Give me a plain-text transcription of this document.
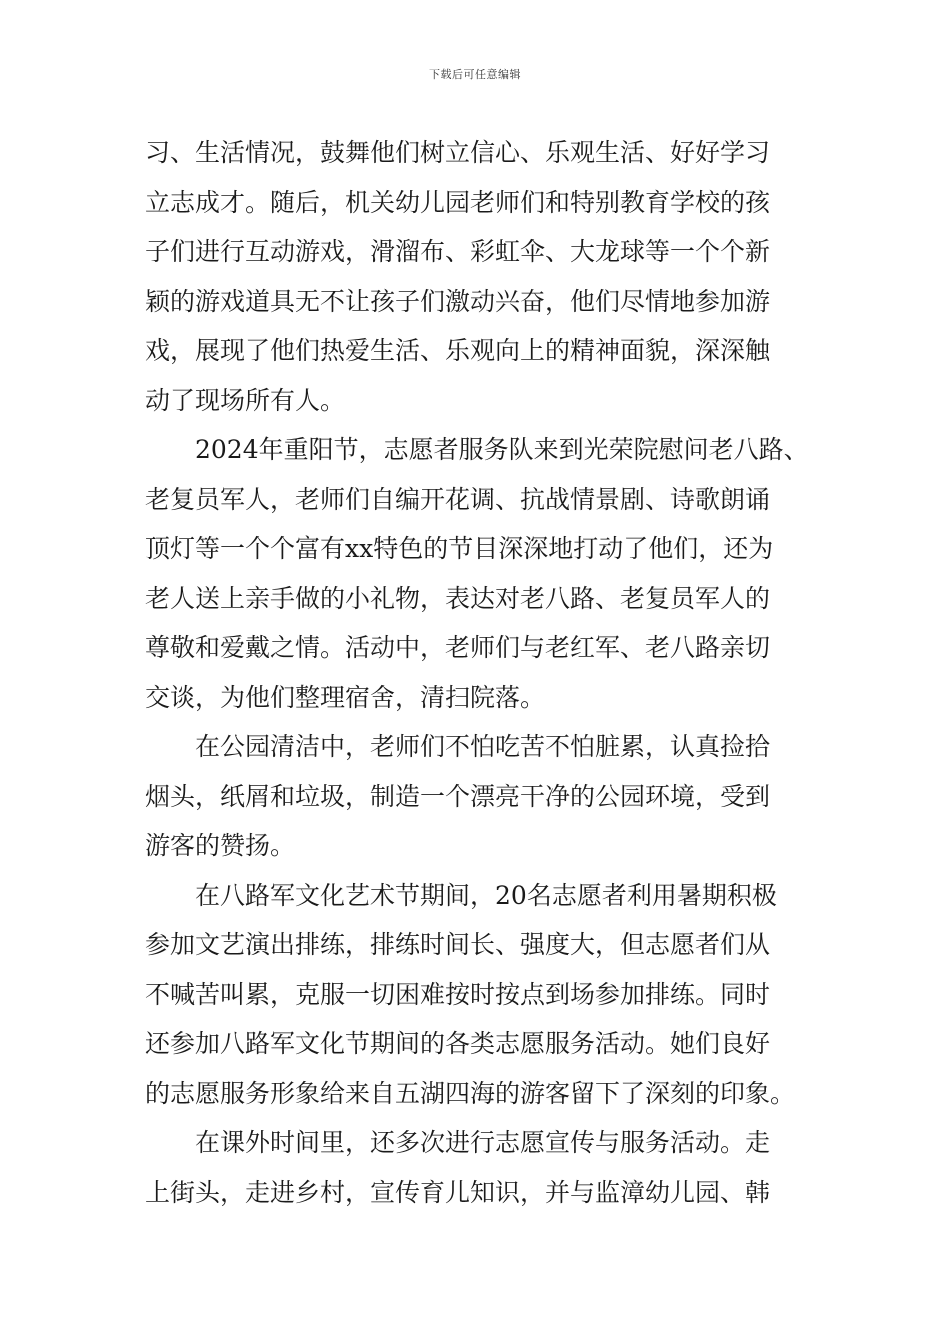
下载后可任意编辑

习、生活情况，鼓舞他们树立信心、乐观生活、好好学习
立志成才。随后，机关幼儿园老师们和特别教育学校的孩
子们进行互动游戏，滑溜布、彩虹伞、大龙球等一个个新
颖的游戏道具无不让孩子们激动兴奋，他们尽情地参加游
戏，展现了他们热爱生活、乐观向上的精神面貌，深深触
动了现场所有人。

2024年重阳节，志愿者服务队来到光荣院慰问老八路、
老复员军人，老师们自编开花调、抗战情景剧、诗歌朗诵
顶灯等一个个富有xx特色的节目深深地打动了他们，还为
老人送上亲手做的小礼物，表达对老八路、老复员军人的
尊敬和爱戴之情。活动中，老师们与老红军、老八路亲切
交谈，为他们整理宿舍，清扫院落。

在公园清洁中，老师们不怕吃苦不怕脏累，认真捡拾
烟头，纸屑和垃圾，制造一个漂亮干净的公园环境，受到
游客的赞扬。

在八路军文化艺术节期间，20名志愿者利用暑期积极
参加文艺演出排练，排练时间长、强度大，但志愿者们从
不喊苦叫累，克服一切困难按时按点到场参加排练。同时
还参加八路军文化节期间的各类志愿服务活动。她们良好
的志愿服务形象给来自五湖四海的游客留下了深刻的印象。

在课外时间里，还多次进行志愿宣传与服务活动。走
上街头，走进乡村，宣传育儿知识，并与监漳幼儿园、韩
